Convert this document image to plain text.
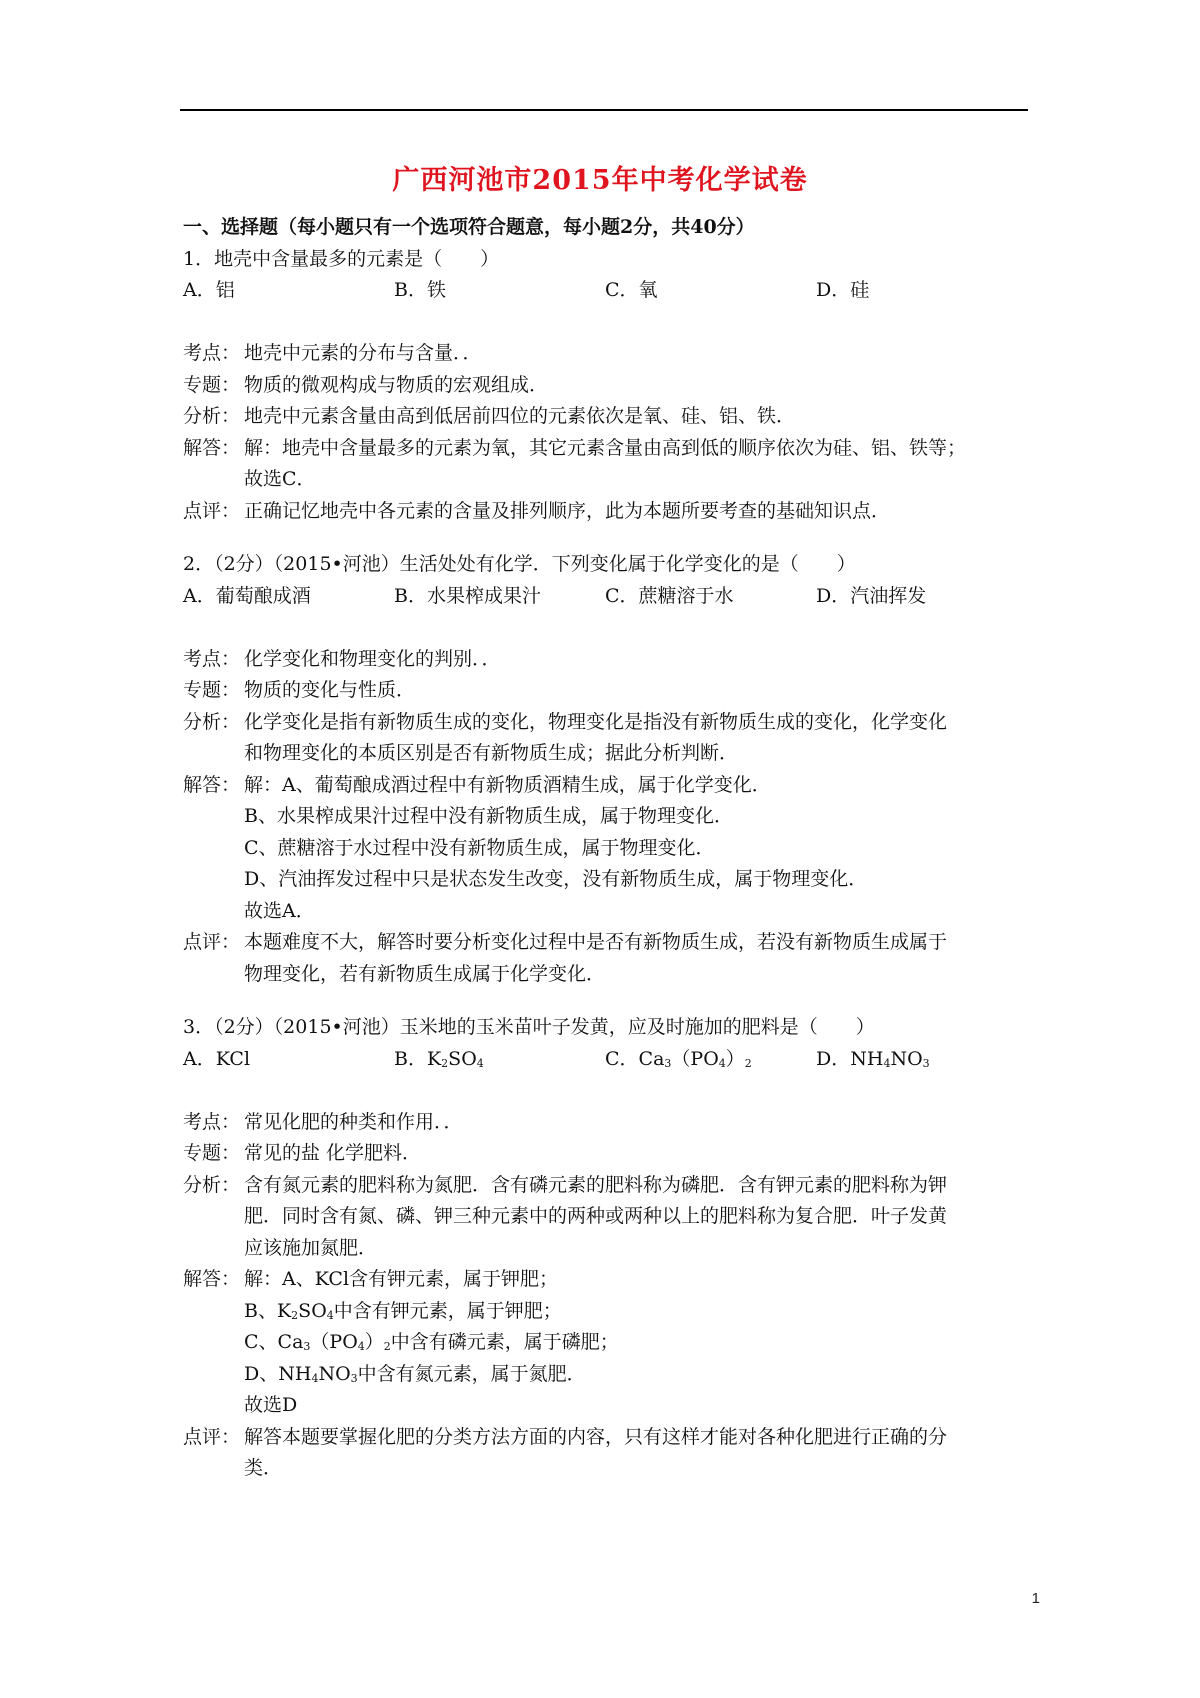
广西河池市2015年中考化学试卷
一、选择题（每小题只有一个选项符合题意，每小题2分，共40分）
1．地壳中含量最多的元素是（　　）
A．铝	B．铁	C．氧	D．硅
考点： 地壳中元素的分布与含量．．
专题： 物质的微观构成与物质的宏观组成．
分析： 地壳中元素含量由高到低居前四位的元素依次是氧、硅、铝、铁．
解答： 解：地壳中含量最多的元素为氧，其它元素含量由高到低的顺序依次为硅、铝、铁等；
故选C．
点评： 正确记忆地壳中各元素的含量及排列顺序，此为本题所要考查的基础知识点．
2．（2分）（2015•河池）生活处处有化学．下列变化属于化学变化的是（　　）
A．葡萄酿成酒	B．水果榨成果汁	C．蔗糖溶于水	D．汽油挥发
考点： 化学变化和物理变化的判别．．
专题： 物质的变化与性质．
分析： 化学变化是指有新物质生成的变化，物理变化是指没有新物质生成的变化，化学变化
和物理变化的本质区别是否有新物质生成；据此分析判断．
解答： 解：A、葡萄酿成酒过程中有新物质酒精生成，属于化学变化．
B、水果榨成果汁过程中没有新物质生成，属于物理变化．
C、蔗糖溶于水过程中没有新物质生成，属于物理变化．
D、汽油挥发过程中只是状态发生改变，没有新物质生成，属于物理变化．
故选A．
点评： 本题难度不大，解答时要分析变化过程中是否有新物质生成，若没有新物质生成属于
物理变化，若有新物质生成属于化学变化．
3．（2分）（2015•河池）玉米地的玉米苗叶子发黄，应及时施加的肥料是（　　）
A．KCl	B．$K_2SO_4$	C．$Ca_3(PO_4)_2$	D．$NH_4NO_3$
考点： 常见化肥的种类和作用．．
专题： 常见的盐 化学肥料．
分析： 含有氮元素的肥料称为氮肥．含有磷元素的肥料称为磷肥．含有钾元素的肥料称为钾
肥．同时含有氮、磷、钾三种元素中的两种或两种以上的肥料称为复合肥．叶子发黄
应该施加氮肥．
解答： 解：A、KCl含有钾元素，属于钾肥；
B、$K_2SO_4$中含有钾元素，属于钾肥；
C、$Ca_3(PO_4)_2$中含有磷元素，属于磷肥；
D、$NH_4NO_3$中含有氮元素，属于氮肥．
故选D
点评： 解答本题要掌握化肥的分类方法方面的内容，只有这样才能对各种化肥进行正确的分
类．
1
